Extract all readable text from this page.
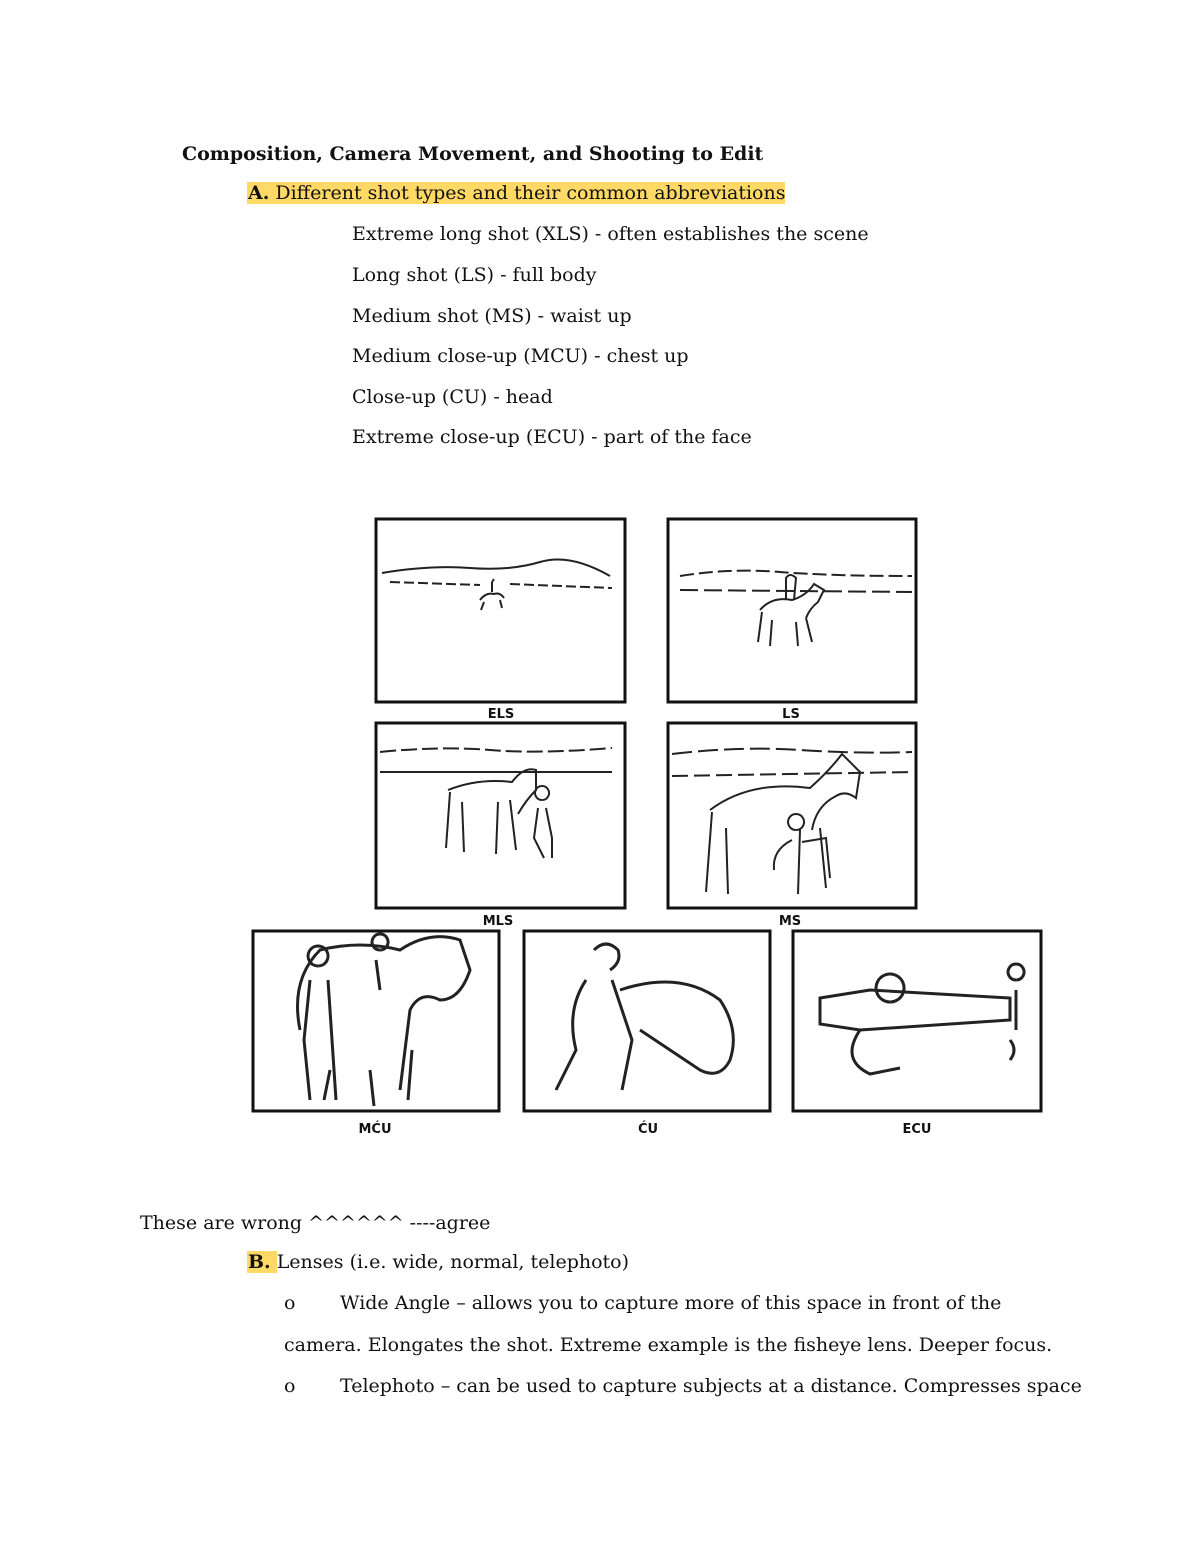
Composition, Camera Movement, and Shooting to Edit
A. Different shot types and their common abbreviations
Extreme long shot (XLS) - often establishes the scene
Long shot (LS) - full body
Medium shot (MS) - waist up
Medium close-up (MCU) - chest up
Close-up (CU) - head
Extreme close-up (ECU) - part of the face
ELS	LS
MLS	MS
MĆU	ĆU	ECU
These are wrong ^^^^^^ ----agree
B. Lenses (i.e. wide, normal, telephoto)
o Wide Angle – allows you to capture more of this space in front of the
camera. Elongates the shot. Extreme example is the fisheye lens. Deeper focus.
o Telephoto – can be used to capture subjects at a distance. Compresses space
